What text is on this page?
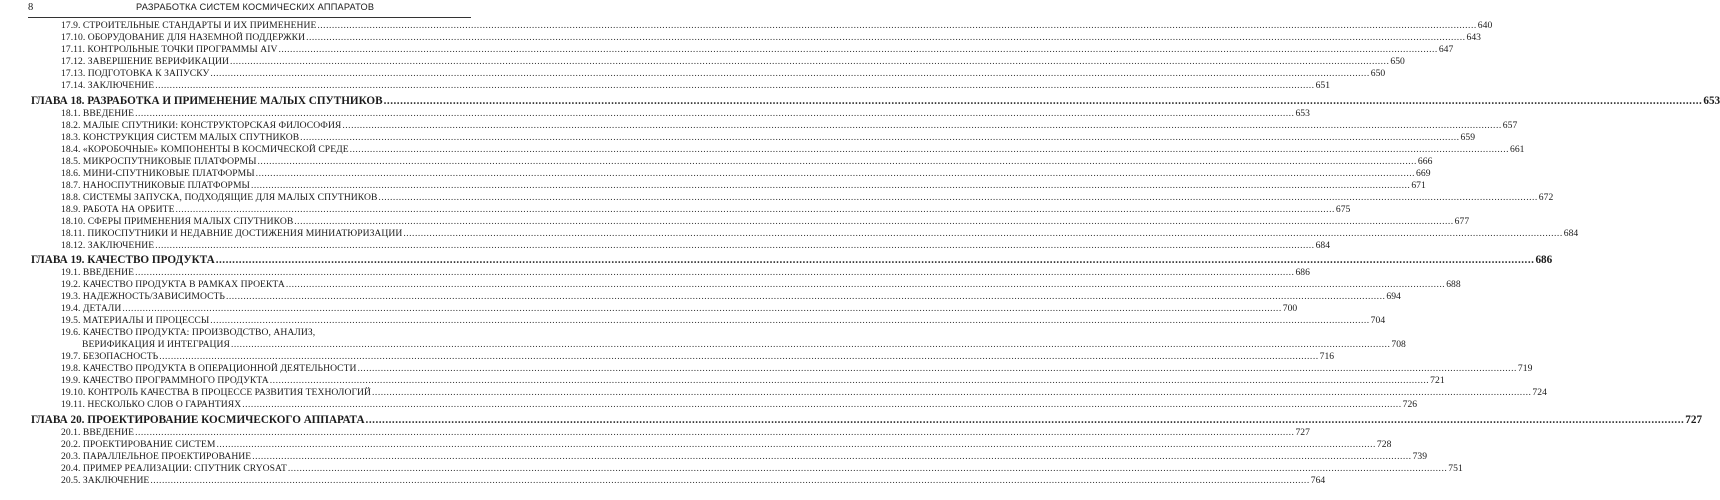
8	РАЗРАБОТКА СИСТЕМ КОСМИЧЕСКИХ АППАРАТОВ
17.9. СТРОИТЕЛЬНЫЕ СТАНДАРТЫ И ИХ ПРИМЕНЕНИЕ ................................................................................................................................................................................................................................................................................................................................................................................................................ 640
17.10. ОБОРУДОВАНИЕ ДЛЯ НАЗЕМНОЙ ПОДДЕРЖКИ ................................................................................................................................................................................................................................................................................................................................................................................................................ 643
17.11. КОНТРОЛЬНЫЕ ТОЧКИ ПРОГРАММЫ AIV ................................................................................................................................................................................................................................................................................................................................................................................................................ 647
17.12. ЗАВЕРШЕНИЕ ВЕРИФИКАЦИИ ................................................................................................................................................................................................................................................................................................................................................................................................................ 650
17.13. ПОДГОТОВКА К ЗАПУСКУ ................................................................................................................................................................................................................................................................................................................................................................................................................ 650
17.14. ЗАКЛЮЧЕНИЕ ................................................................................................................................................................................................................................................................................................................................................................................................................ 651
ГЛАВА 18. РАЗРАБОТКА И ПРИМЕНЕНИЕ МАЛЫХ СПУТНИКОВ ................................................................................................................................................................................................................................................................................................................................................................................................................ 653
18.1. ВВЕДЕНИЕ ................................................................................................................................................................................................................................................................................................................................................................................................................ 653
18.2. МАЛЫЕ СПУТНИКИ: КОНСТРУКТОРСКАЯ ФИЛОСОФИЯ ................................................................................................................................................................................................................................................................................................................................................................................................................ 657
18.3. КОНСТРУКЦИЯ СИСТЕМ МАЛЫХ СПУТНИКОВ ................................................................................................................................................................................................................................................................................................................................................................................................................ 659
18.4. «КОРОБОЧНЫЕ» КОМПОНЕНТЫ В КОСМИЧЕСКОЙ СРЕДЕ ................................................................................................................................................................................................................................................................................................................................................................................................................ 661
18.5. МИКРОСПУТНИКОВЫЕ ПЛАТФОРМЫ ................................................................................................................................................................................................................................................................................................................................................................................................................ 666
18.6. МИНИ-СПУТНИКОВЫЕ ПЛАТФОРМЫ ................................................................................................................................................................................................................................................................................................................................................................................................................ 669
18.7. НАНОСПУТНИКОВЫЕ ПЛАТФОРМЫ ................................................................................................................................................................................................................................................................................................................................................................................................................ 671
18.8. СИСТЕМЫ ЗАПУСКА, ПОДХОДЯЩИЕ ДЛЯ МАЛЫХ СПУТНИКОВ ................................................................................................................................................................................................................................................................................................................................................................................................................ 672
18.9. РАБОТА НА ОРБИТЕ ................................................................................................................................................................................................................................................................................................................................................................................................................ 675
18.10. СФЕРЫ ПРИМЕНЕНИЯ МАЛЫХ СПУТНИКОВ ................................................................................................................................................................................................................................................................................................................................................................................................................ 677
18.11. ПИКОСПУТНИКИ И НЕДАВНИЕ ДОСТИЖЕНИЯ МИНИАТЮРИЗАЦИИ ................................................................................................................................................................................................................................................................................................................................................................................................................ 684
18.12. ЗАКЛЮЧЕНИЕ ................................................................................................................................................................................................................................................................................................................................................................................................................ 684
ГЛАВА 19. КАЧЕСТВО ПРОДУКТА ................................................................................................................................................................................................................................................................................................................................................................................................................ 686
19.1. ВВЕДЕНИЕ ................................................................................................................................................................................................................................................................................................................................................................................................................ 686
19.2. КАЧЕСТВО ПРОДУКТА В РАМКАХ ПРОЕКТА ................................................................................................................................................................................................................................................................................................................................................................................................................ 688
19.3. НАДЕЖНОСТЬ/ЗАВИСИМОСТЬ ................................................................................................................................................................................................................................................................................................................................................................................................................ 694
19.4. ДЕТАЛИ ................................................................................................................................................................................................................................................................................................................................................................................................................ 700
19.5. МАТЕРИАЛЫ И ПРОЦЕССЫ ................................................................................................................................................................................................................................................................................................................................................................................................................ 704
19.6. КАЧЕСТВО ПРОДУКТА: ПРОИЗВОДСТВО, АНАЛИЗ,
ВЕРИФИКАЦИЯ И ИНТЕГРАЦИЯ ................................................................................................................................................................................................................................................................................................................................................................................................................ 708
19.7. БЕЗОПАСНОСТЬ ................................................................................................................................................................................................................................................................................................................................................................................................................ 716
19.8. КАЧЕСТВО ПРОДУКТА В ОПЕРАЦИОННОЙ ДЕЯТЕЛЬНОСТИ ................................................................................................................................................................................................................................................................................................................................................................................................................ 719
19.9. КАЧЕСТВО ПРОГРАММНОГО ПРОДУКТА ................................................................................................................................................................................................................................................................................................................................................................................................................ 721
19.10. КОНТРОЛЬ КАЧЕСТВА В ПРОЦЕССЕ РАЗВИТИЯ ТЕХНОЛОГИЙ ................................................................................................................................................................................................................................................................................................................................................................................................................ 724
19.11. НЕСКОЛЬКО СЛОВ О ГАРАНТИЯХ ................................................................................................................................................................................................................................................................................................................................................................................................................ 726
ГЛАВА 20. ПРОЕКТИРОВАНИЕ КОСМИЧЕСКОГО АППАРАТА ................................................................................................................................................................................................................................................................................................................................................................................................................ 727
20.1. ВВЕДЕНИЕ ................................................................................................................................................................................................................................................................................................................................................................................................................ 727
20.2. ПРОЕКТИРОВАНИЕ СИСТЕМ ................................................................................................................................................................................................................................................................................................................................................................................................................ 728
20.3. ПАРАЛЛЕЛЬНОЕ ПРОЕКТИРОВАНИЕ ................................................................................................................................................................................................................................................................................................................................................................................................................ 739
20.4. ПРИМЕР РЕАЛИЗАЦИИ: СПУТНИК CRYOSAT ................................................................................................................................................................................................................................................................................................................................................................................................................ 751
20.5. ЗАКЛЮЧЕНИЕ ................................................................................................................................................................................................................................................................................................................................................................................................................ 764
